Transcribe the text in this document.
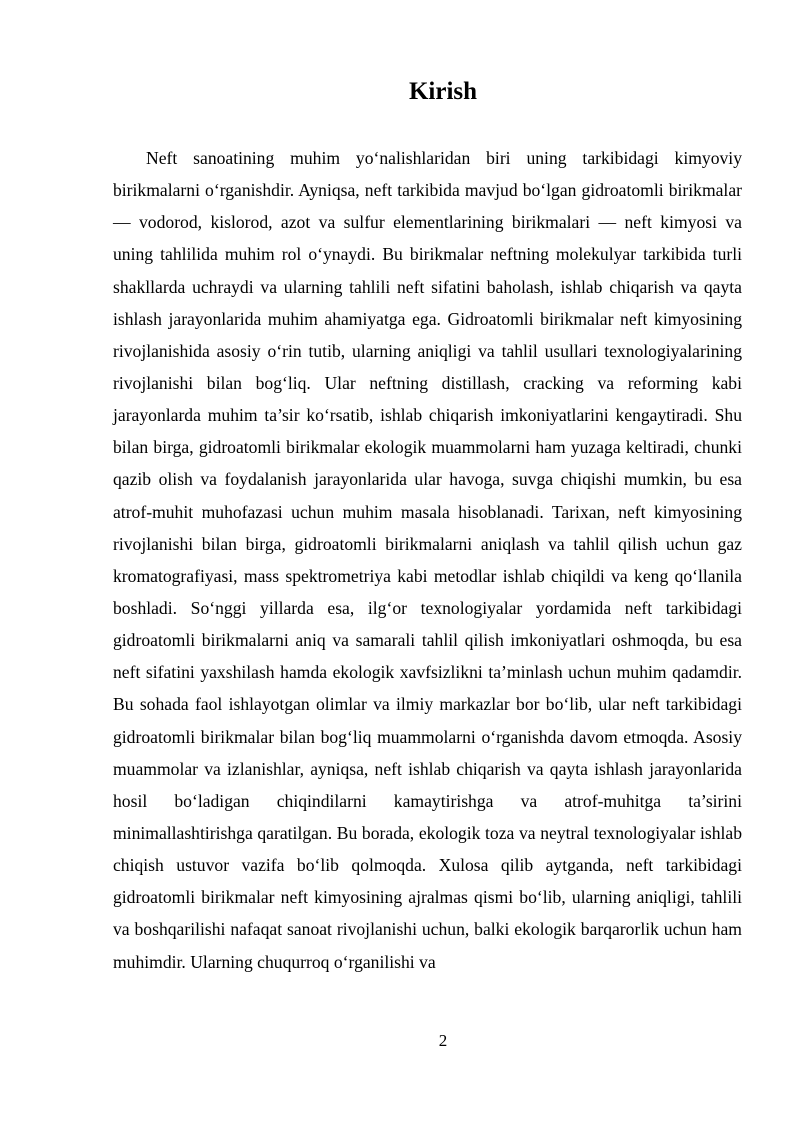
Kirish

Neft sanoatining muhim yo‘nalishlaridan biri uning tarkibidagi kimyoviy birikmalarni o‘rganishdir. Ayniqsa, neft tarkibida mavjud bo‘lgan gidroatomli birikmalar — vodorod, kislorod, azot va sulfur elementlarining birikmalari — neft kimyosi va uning tahlilida muhim rol o‘ynaydi. Bu birikmalar neftning molekulyar tarkibida turli shakllarda uchraydi va ularning tahlili neft sifatini baholash, ishlab chiqarish va qayta ishlash jarayonlarida muhim ahamiyatga ega. Gidroatomli birikmalar neft kimyosining rivojlanishida asosiy o‘rin tutib, ularning aniqligi va tahlil usullari texnologiyalarining rivojlanishi bilan bog‘liq. Ular neftning distillash, cracking va reforming kabi jarayonlarda muhim ta’sir ko‘rsatib, ishlab chiqarish imkoniyatlarini kengaytiradi. Shu bilan birga, gidroatomli birikmalar ekologik muammolarni ham yuzaga keltiradi, chunki qazib olish va foydalanish jarayonlarida ular havoga, suvga chiqishi mumkin, bu esa atrof-muhit muhofazasi uchun muhim masala hisoblanadi. Tarixan, neft kimyosining rivojlanishi bilan birga, gidroatomli birikmalarni aniqlash va tahlil qilish uchun gaz kromatografiyasi, mass spektrometriya kabi metodlar ishlab chiqildi va keng qo‘llanila boshladi. So‘nggi yillarda esa, ilg‘or texnologiyalar yordamida neft tarkibidagi gidroatomli birikmalarni aniq va samarali tahlil qilish imkoniyatlari oshmoqda, bu esa neft sifatini yaxshilash hamda ekologik xavfsizlikni ta’minlash uchun muhim qadamdir. Bu sohada faol ishlayotgan olimlar va ilmiy markazlar bor bo‘lib, ular neft tarkibidagi gidroatomli birikmalar bilan bog‘liq muammolarni o‘rganishda davom etmoqda. Asosiy muammolar va izlanishlar, ayniqsa, neft ishlab chiqarish va qayta ishlash jarayonlarida hosil bo‘ladigan chiqindilarni kamaytirishga va atrof-muhitga ta’sirini minimallashtirishga qaratilgan. Bu borada, ekologik toza va neytral texnologiyalar ishlab chiqish ustuvor vazifa bo‘lib qolmoqda. Xulosa qilib aytganda, neft tarkibidagi gidroatomli birikmalar neft kimyosining ajralmas qismi bo‘lib, ularning aniqligi, tahlili va boshqarilishi nafaqat sanoat rivojlanishi uchun, balki ekologik barqarorlik uchun ham muhimdir. Ularning chuqurroq o‘rganilishi va

2
